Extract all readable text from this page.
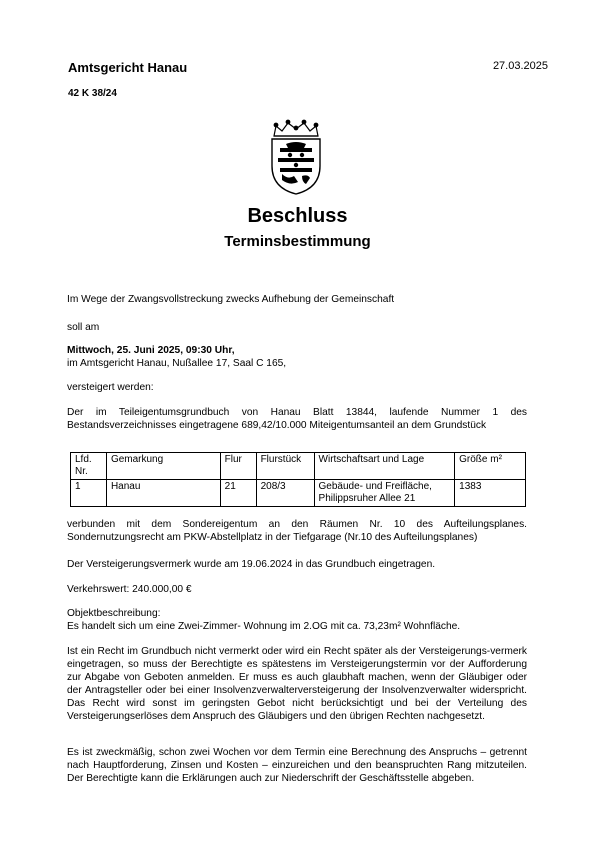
Amtsgericht Hanau	27.03.2025
42 K 38/24
Beschluss
Terminsbestimmung
Im Wege der Zwangsvollstreckung zwecks Aufhebung der Gemeinschaft
soll am
Mittwoch, 25. Juni 2025, 09:30 Uhr,
im Amtsgericht Hanau, Nußallee 17, Saal C 165,
versteigert werden:
Der im Teileigentumsgrundbuch von Hanau Blatt 13844, laufende Nummer 1 des Bestandsverzeichnisses eingetragene 689,42/10.000 Miteigentumsanteil an dem Grundstück
Lfd. Nr.	Gemarkung	Flur	Flurstück	Wirtschaftsart und Lage	Größe m²
1	Hanau	21	208/3	Gebäude- und Freifläche, Philippsruher Allee 21	1383
verbunden mit dem Sondereigentum an den Räumen Nr. 10 des Aufteilungsplanes. Sondernutzungsrecht am PKW-Abstellplatz in der Tiefgarage (Nr.10 des Aufteilungsplanes)
Der Versteigerungsvermerk wurde am 19.06.2024 in das Grundbuch eingetragen.
Verkehrswert: 240.000,00 €
Objektbeschreibung:
Es handelt sich um eine Zwei-Zimmer- Wohnung im 2.OG mit ca. 73,23m² Wohnfläche.
Ist ein Recht im Grundbuch nicht vermerkt oder wird ein Recht später als der Versteigerungs-vermerk eingetragen, so muss der Berechtigte es spätestens im Versteigerungstermin vor der Aufforderung zur Abgabe von Geboten anmelden. Er muss es auch glaubhaft machen, wenn der Gläubiger oder der Antragsteller oder bei einer Insolvenzverwalterversteigerung der Insolvenzverwalter widerspricht. Das Recht wird sonst im geringsten Gebot nicht berücksichtigt und bei der Verteilung des Versteigerungserlöses dem Anspruch des Gläubigers und den übrigen Rechten nachgesetzt.
Es ist zweckmäßig, schon zwei Wochen vor dem Termin eine Berechnung des Anspruchs – getrennt nach Hauptforderung, Zinsen und Kosten – einzureichen und den beanspruchten Rang mitzuteilen. Der Berechtigte kann die Erklärungen auch zur Niederschrift der Geschäftsstelle abgeben.
